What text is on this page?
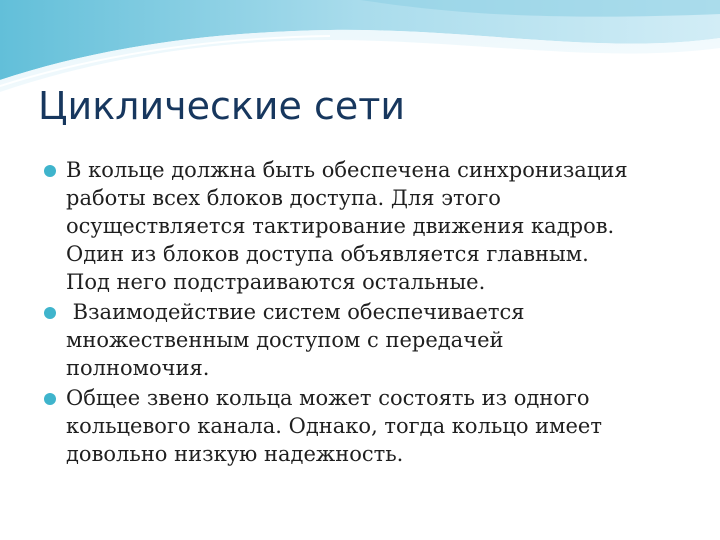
Циклические сети
В кольце должна быть обеспечена синхронизация
работы всех блоков доступа. Для этого
осуществляется тактирование движения кадров.
Один из блоков доступа объявляется главным.
Под него подстраиваются остальные.
Взаимодействие систем обеспечивается
множественным доступом с передачей
полномочия.
Общее звено кольца может состоять из одного
кольцевого канала. Однако, тогда кольцо имеет
довольно низкую надежность.
